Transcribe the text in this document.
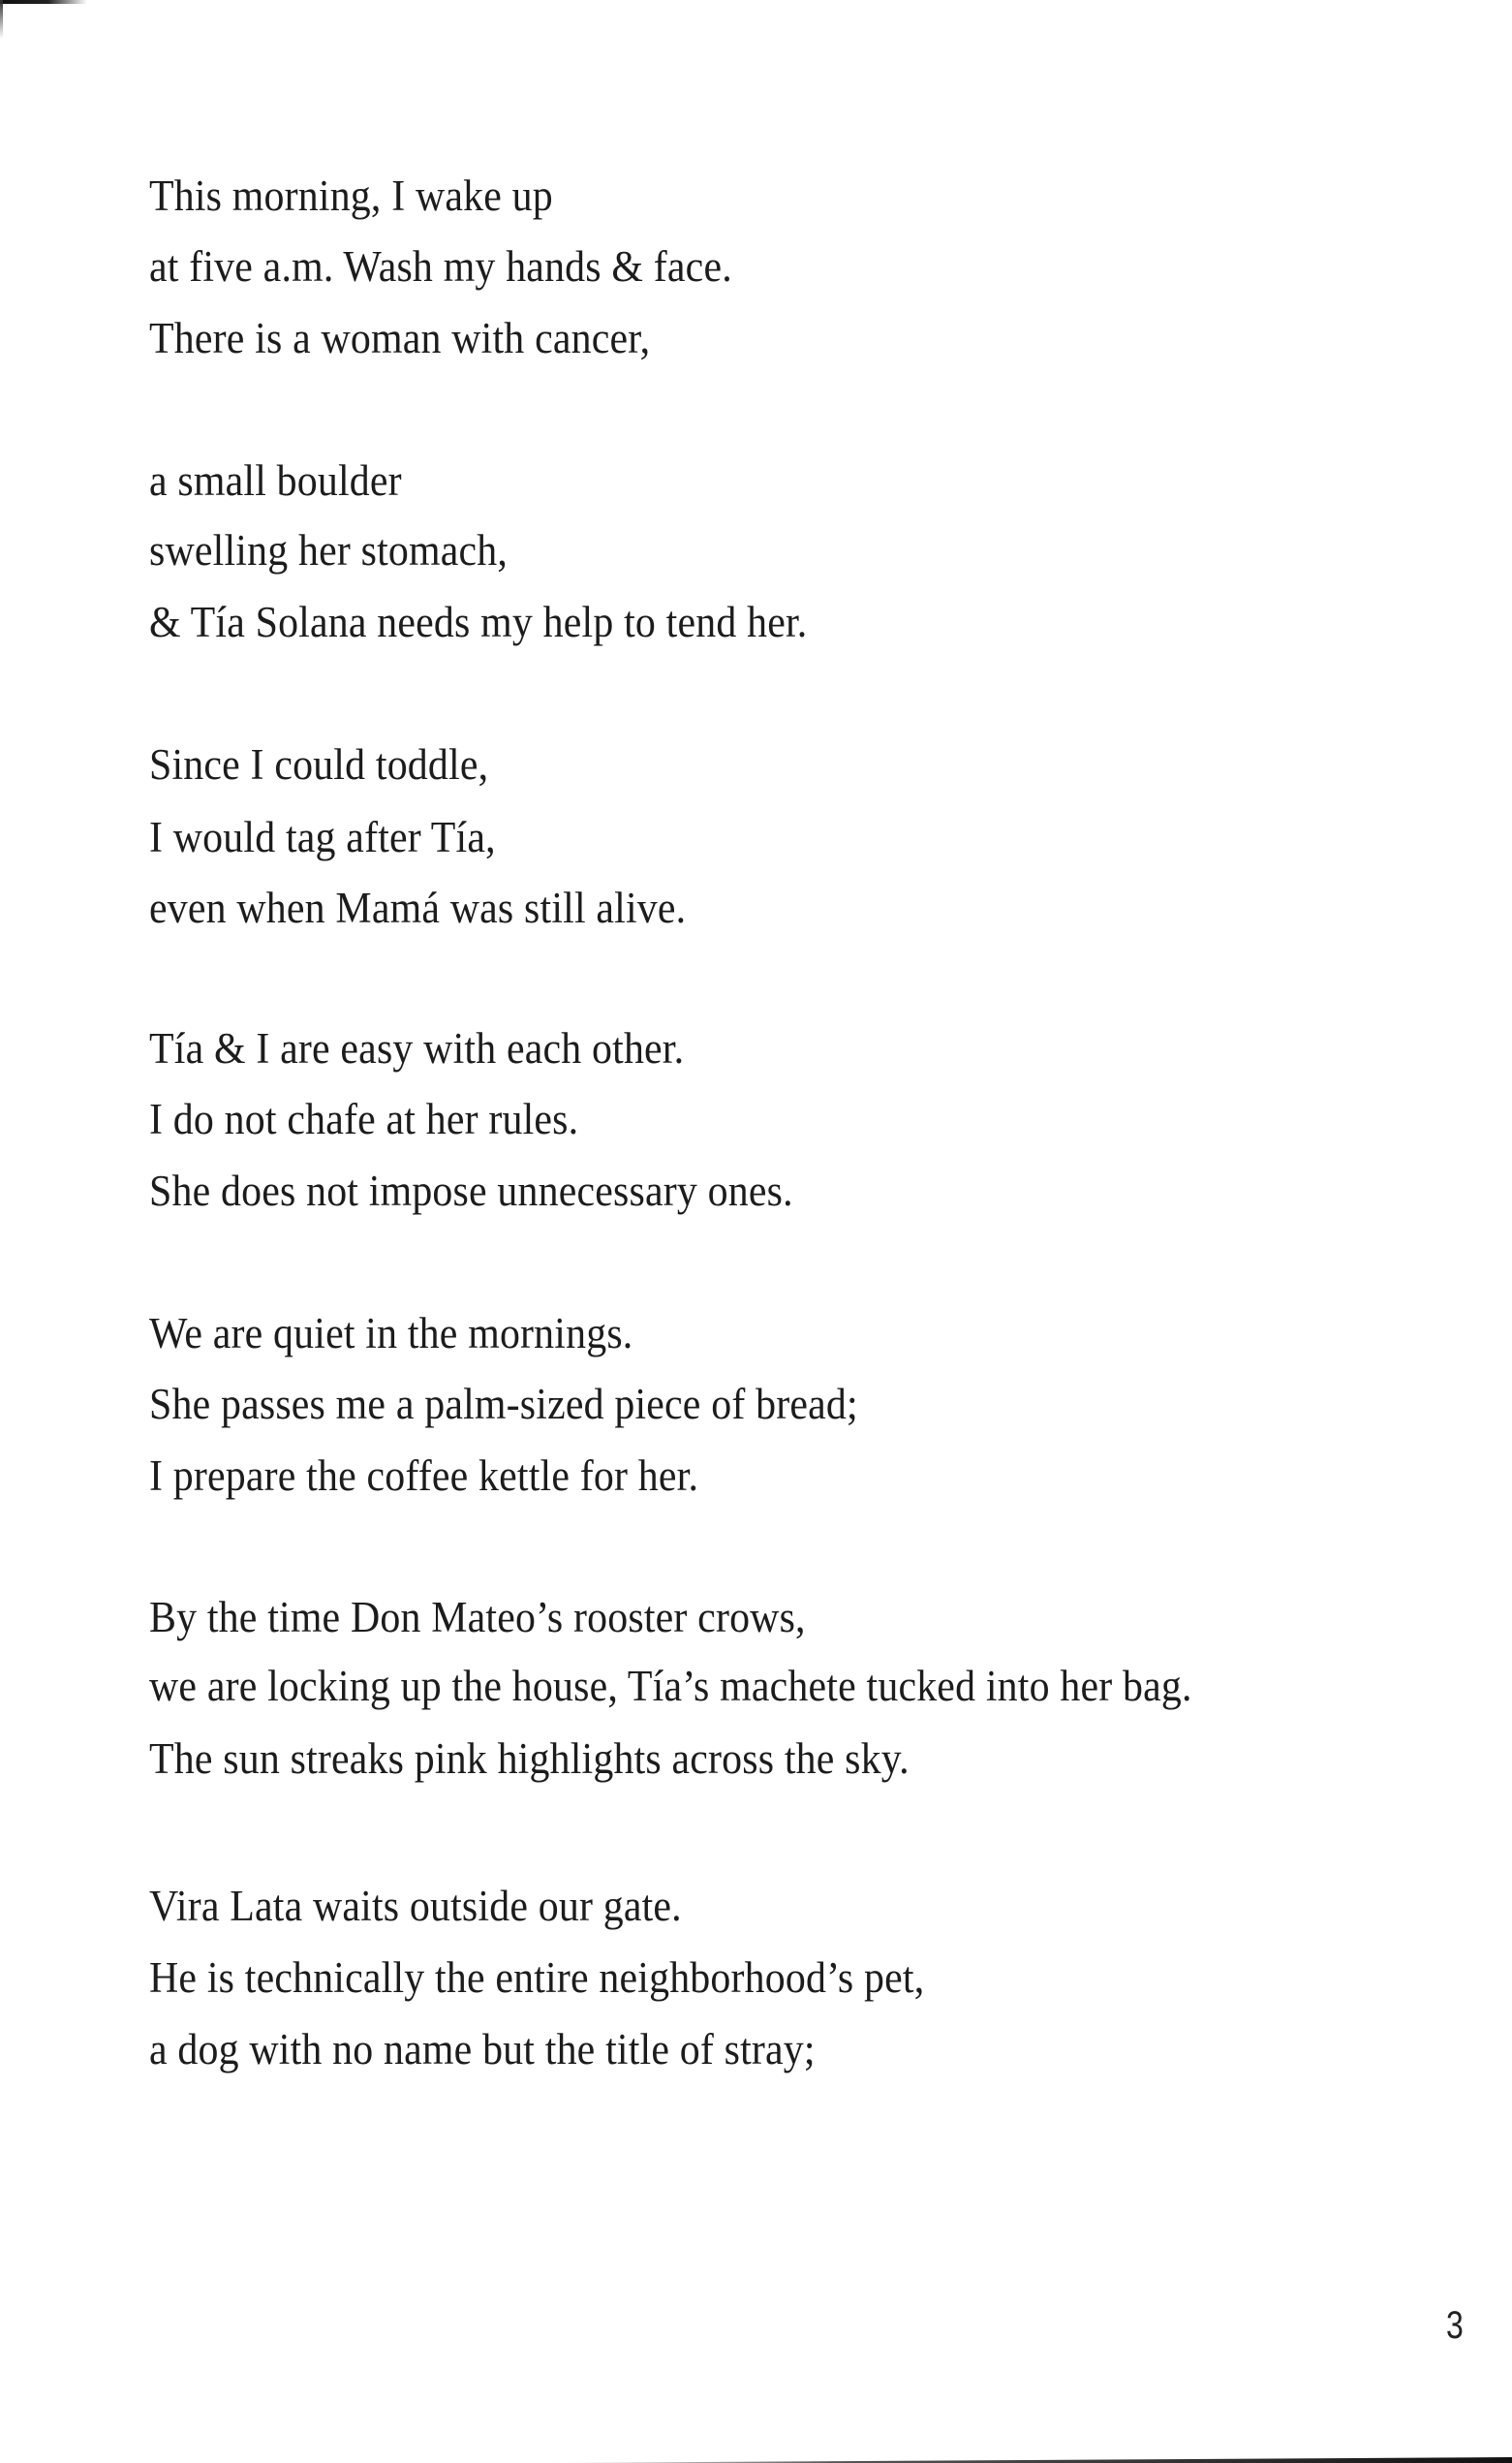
This morning, I wake up
at five a.m. Wash my hands & face.
There is a woman with cancer,
a small boulder
swelling her stomach,
& Tía Solana needs my help to tend her.
Since I could toddle,
I would tag after Tía,
even when Mamá was still alive.
Tía & I are easy with each other.
I do not chafe at her rules.
She does not impose unnecessary ones.
We are quiet in the mornings.
She passes me a palm-sized piece of bread;
I prepare the coffee kettle for her.
By the time Don Mateo’s rooster crows,
we are locking up the house, Tía’s machete tucked into her bag.
The sun streaks pink highlights across the sky.
Vira Lata waits outside our gate.
He is technically the entire neighborhood’s pet,
a dog with no name but the title of stray;
3
